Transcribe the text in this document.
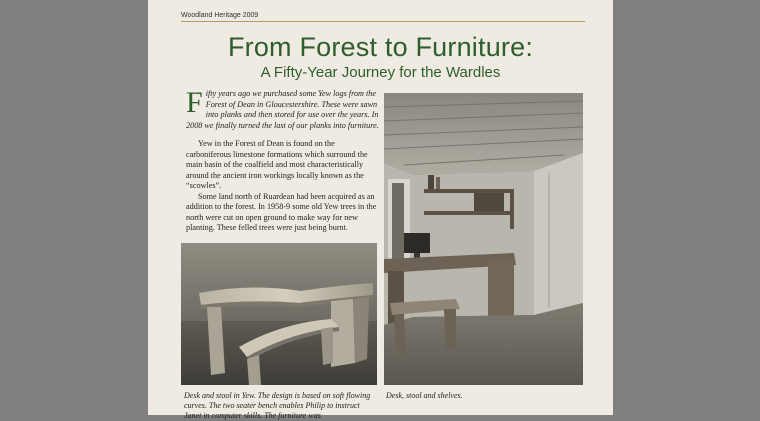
Woodland Heritage 2009
From Forest to Furniture:
A Fifty-Year Journey for the Wardles
Fifty years ago we purchased some Yew logs from the Forest of Dean in Gloucestershire. These were sawn into planks and then stored for use over the years. In 2008 we finally turned the last of our planks into furniture.

Yew in the Forest of Dean is found on the carboniferous limestone formations which surround the main basin of the coalfield and most characteristically around the ancient iron workings locally known as the “scowles”.

Some land north of Ruardean had been acquired as an addition to the forest. In 1958-9 some old Yew trees in the north were cut on open ground to make way for new planting. These felled trees were just being burnt.

Desk and stool in Yew. The design is based on soft flowing curves. The two seater bench enables Philip to instruct Janet in computer skills. The furniture was
Desk, stool and shelves.
